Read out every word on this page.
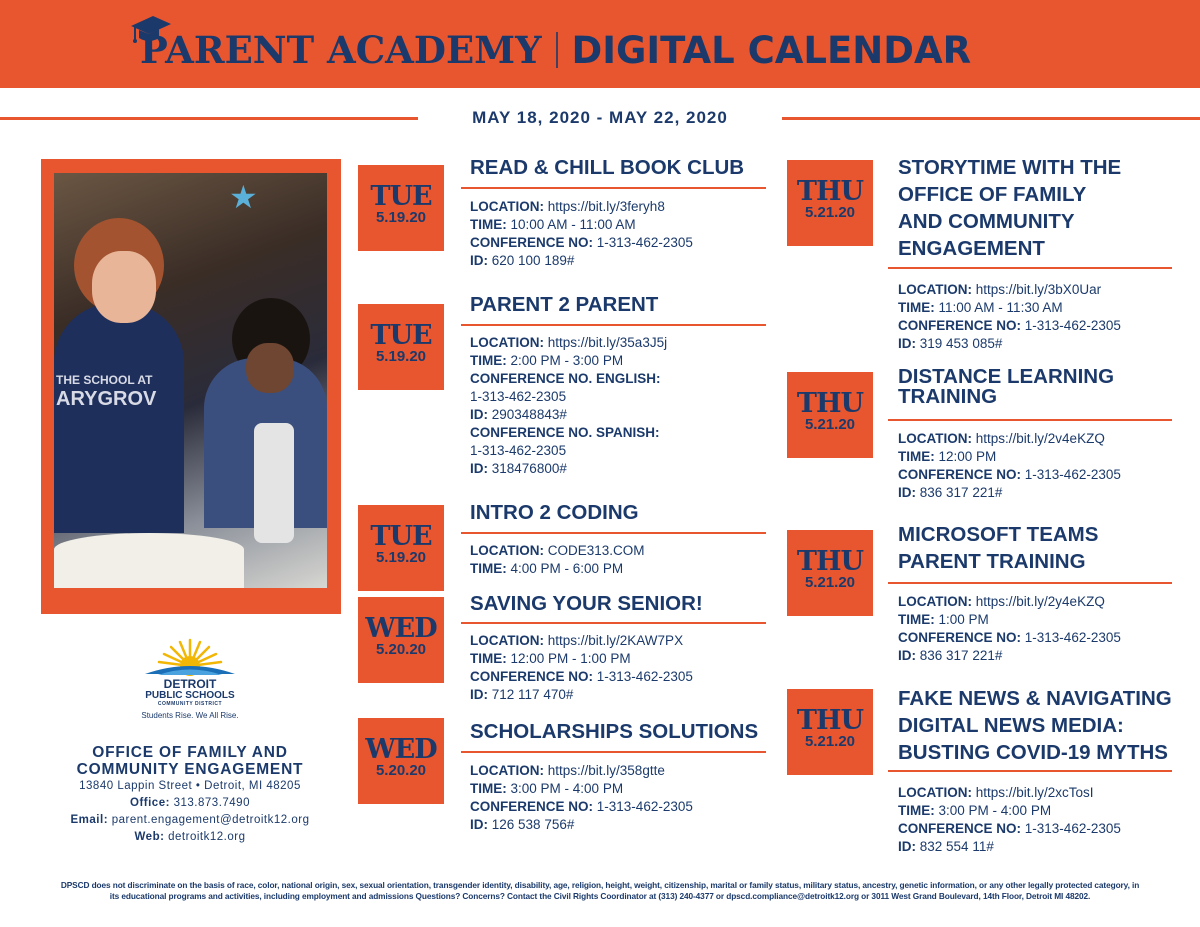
PARENT ACADEMY DIGITAL CALENDAR
MAY 18, 2020 - MAY 22, 2020
★
THE SCHOOL AT
ARYGROV
DETROIT
PUBLIC SCHOOLS
COMMUNITY DISTRICT
Students Rise. We All Rise.
OFFICE OF FAMILY AND
COMMUNITY ENGAGEMENT
13840 Lappin Street • Detroit, MI 48205
Office: 313.873.7490
Email: parent.engagement@detroitk12.org
Web: detroitk12.org
TUE
5.19.20
READ & CHILL BOOK CLUB
LOCATION: https://bit.ly/3feryh8
TIME: 10:00 AM - 11:00 AM
CONFERENCE NO: 1-313-462-2305
ID: 620 100 189#
TUE
5.19.20
PARENT 2 PARENT
LOCATION: https://bit.ly/35a3J5j
TIME: 2:00 PM - 3:00 PM
CONFERENCE NO. ENGLISH:
1-313-462-2305
ID: 290348843#
CONFERENCE NO. SPANISH:
1-313-462-2305
ID: 318476800#
TUE
5.19.20
INTRO 2 CODING
LOCATION: CODE313.COM
TIME: 4:00 PM - 6:00 PM
WED
5.20.20
SAVING YOUR SENIOR!
LOCATION: https://bit.ly/2KAW7PX
TIME: 12:00 PM - 1:00 PM
CONFERENCE NO: 1-313-462-2305
ID: 712 117 470#
WED
5.20.20
SCHOLARSHIPS SOLUTIONS
LOCATION: https://bit.ly/358gtte
TIME: 3:00 PM - 4:00 PM
CONFERENCE NO: 1-313-462-2305
ID: 126 538 756#
THU
5.21.20
STORYTIME WITH THE
OFFICE OF FAMILY
AND COMMUNITY
ENGAGEMENT
LOCATION: https://bit.ly/3bX0Uar
TIME: 11:00 AM - 11:30 AM
CONFERENCE NO: 1-313-462-2305
ID: 319 453 085#
THU
5.21.20
DISTANCE LEARNING
TRAINING
LOCATION: https://bit.ly/2v4eKZQ
TIME: 12:00 PM
CONFERENCE NO: 1-313-462-2305
ID: 836 317 221#
THU
5.21.20
MICROSOFT TEAMS
PARENT TRAINING
LOCATION: https://bit.ly/2y4eKZQ
TIME: 1:00 PM
CONFERENCE NO: 1-313-462-2305
ID: 836 317 221#
THU
5.21.20
FAKE NEWS & NAVIGATING
DIGITAL NEWS MEDIA:
BUSTING COVID-19 MYTHS
LOCATION: https://bit.ly/2xcTosI
TIME: 3:00 PM - 4:00 PM
CONFERENCE NO: 1-313-462-2305
ID: 832 554 11#
DPSCD does not discriminate on the basis of race, color, national origin, sex, sexual orientation, transgender identity, disability, age, religion, height, weight, citizenship, marital or family status, military status, ancestry, genetic information, or any other legally protected category, in
its educational programs and activities, including employment and admissions Questions? Concerns? Contact the Civil Rights Coordinator at (313) 240-4377 or dpscd.compliance@detroitk12.org or 3011 West Grand Boulevard, 14th Floor, Detroit MI 48202.
